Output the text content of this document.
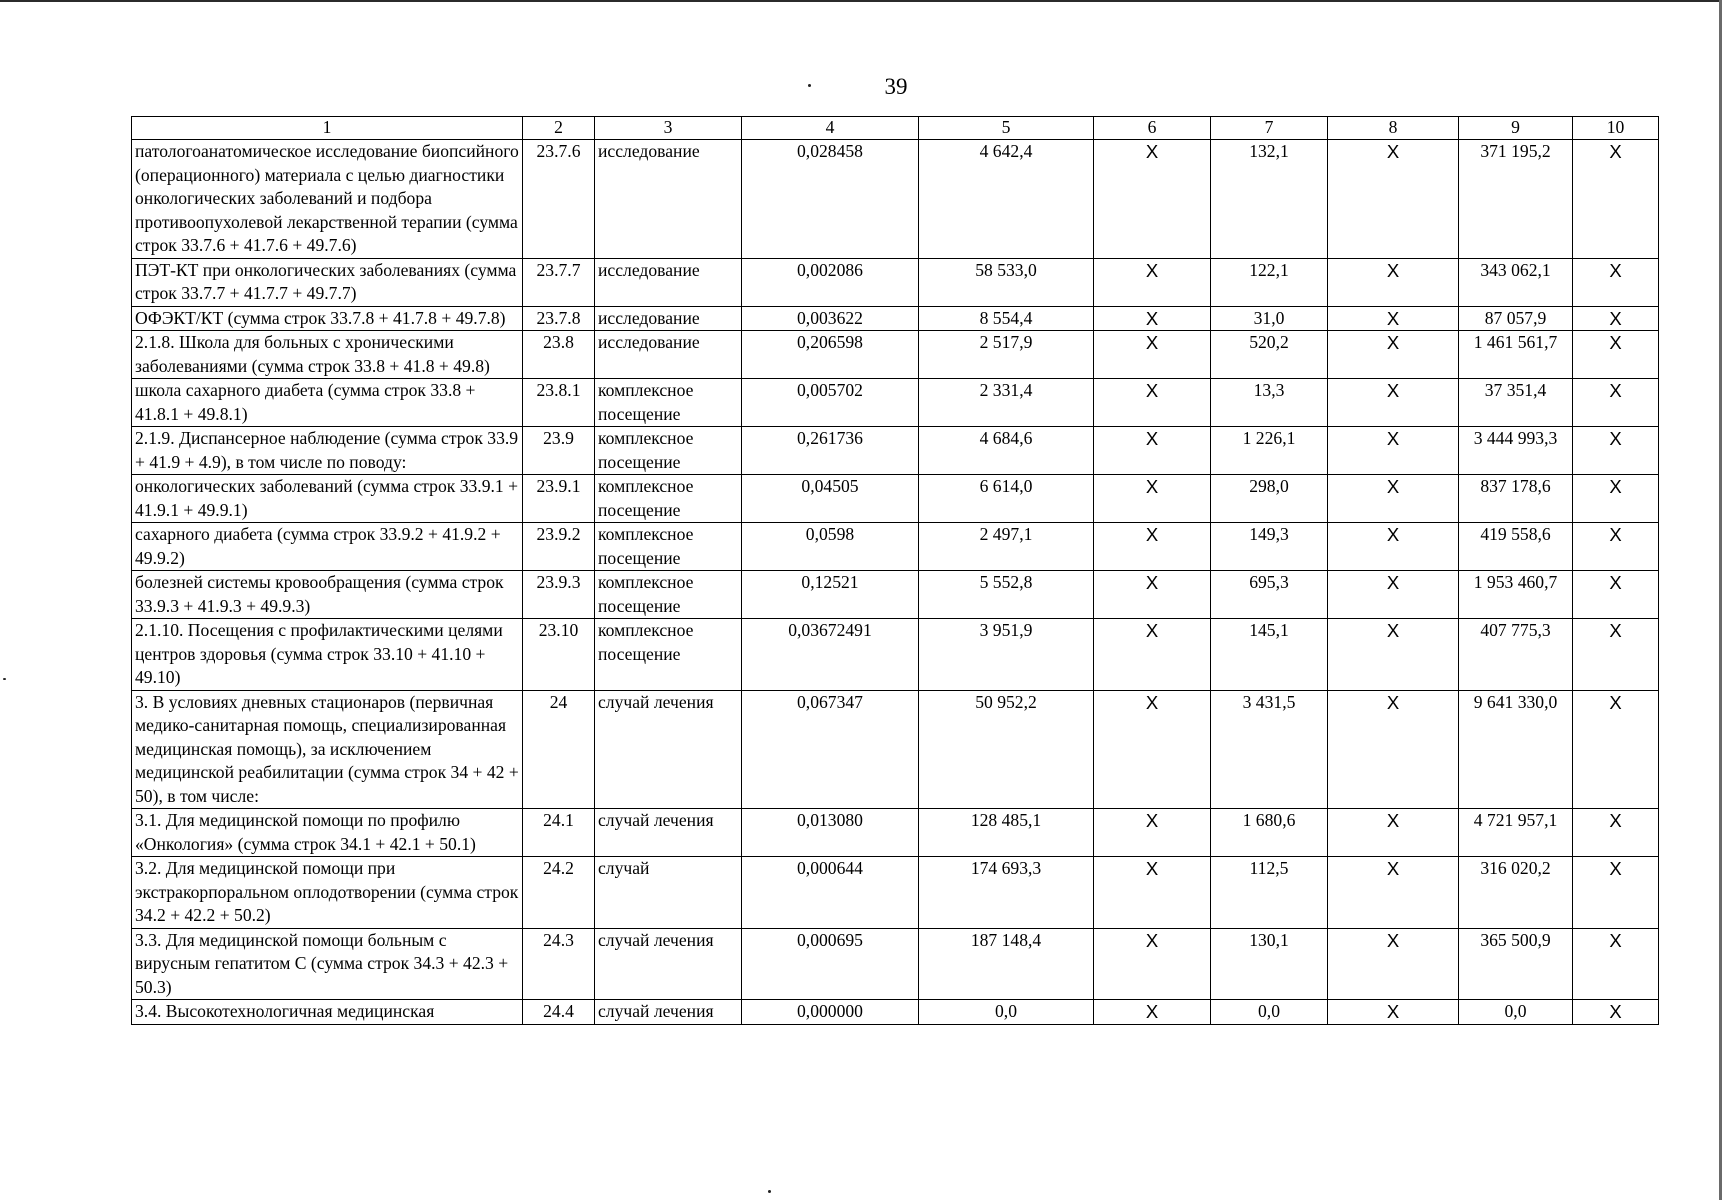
39
1	2	3	4	5	6	7	8	9	10
патологоанатомическое исследование биопсийного (операционного) материала с целью диагностики онкологических заболеваний и подбора противоопухолевой лекарственной терапии (сумма строк 33.7.6 + 41.7.6 + 49.7.6)	23.7.6	исследование	0,028458	4 642,4	X	132,1	X	371 195,2	X
ПЭТ-КТ при онкологических заболеваниях (сумма строк 33.7.7 + 41.7.7 + 49.7.7)	23.7.7	исследование	0,002086	58 533,0	X	122,1	X	343 062,1	X
ОФЭКТ/КТ (сумма строк 33.7.8 + 41.7.8 + 49.7.8)	23.7.8	исследование	0,003622	8 554,4	X	31,0	X	87 057,9	X
2.1.8. Школа для больных с хроническими заболеваниями (сумма строк 33.8 + 41.8 + 49.8)	23.8	исследование	0,206598	2 517,9	X	520,2	X	1 461 561,7	X
школа сахарного диабета (сумма строк 33.8 + 41.8.1 + 49.8.1)	23.8.1	комплексное посещение	0,005702	2 331,4	X	13,3	X	37 351,4	X
2.1.9. Диспансерное наблюдение (сумма строк 33.9 + 41.9 + 4.9), в том числе по поводу:	23.9	комплексное посещение	0,261736	4 684,6	X	1 226,1	X	3 444 993,3	X
онкологических заболеваний (сумма строк 33.9.1 + 41.9.1 + 49.9.1)	23.9.1	комплексное посещение	0,04505	6 614,0	X	298,0	X	837 178,6	X
сахарного диабета (сумма строк 33.9.2 + 41.9.2 + 49.9.2)	23.9.2	комплексное посещение	0,0598	2 497,1	X	149,3	X	419 558,6	X
болезней системы кровообращения (сумма строк 33.9.3 + 41.9.3 + 49.9.3)	23.9.3	комплексное посещение	0,12521	5 552,8	X	695,3	X	1 953 460,7	X
2.1.10. Посещения с профилактическими целями центров здоровья (сумма строк 33.10 + 41.10 + 49.10)	23.10	комплексное посещение	0,03672491	3 951,9	X	145,1	X	407 775,3	X
3. В условиях дневных стационаров (первичная медико-санитарная помощь, специализированная медицинская помощь), за исключением медицинской реабилитации (сумма строк 34 + 42 + 50), в том числе:	24	случай лечения	0,067347	50 952,2	X	3 431,5	X	9 641 330,0	X
3.1. Для медицинской помощи по профилю «Онкология» (сумма строк 34.1 + 42.1 + 50.1)	24.1	случай лечения	0,013080	128 485,1	X	1 680,6	X	4 721 957,1	X
3.2. Для медицинской помощи при экстракорпоральном оплодотворении (сумма строк 34.2 + 42.2 + 50.2)	24.2	случай	0,000644	174 693,3	X	112,5	X	316 020,2	X
3.3. Для медицинской помощи больным с вирусным гепатитом С (сумма строк 34.3 + 42.3 + 50.3)	24.3	случай лечения	0,000695	187 148,4	X	130,1	X	365 500,9	X
3.4. Высокотехнологичная медицинская	24.4	случай лечения	0,000000	0,0	X	0,0	X	0,0	X
